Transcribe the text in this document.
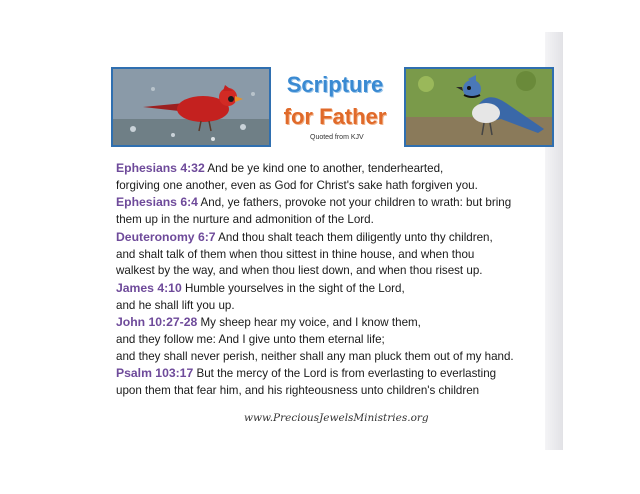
Scripture
for Father
Quoted from KJV
Ephesians 4:32 And be ye kind one to another, tenderhearted,
forgiving one another, even as God for Christ's sake hath forgiven you.
Ephesians 6:4 And, ye fathers, provoke not your children to wrath: but bring
them up in the nurture and admonition of the Lord.
Deuteronomy 6:7 And thou shalt teach them diligently unto thy children,
and shalt talk of them when thou sittest in thine house, and when thou
walkest by the way, and when thou liest down, and when thou risest up.
James 4:10 Humble yourselves in the sight of the Lord,
and he shall lift you up.
John 10:27-28 My sheep hear my voice, and I know them,
and they follow me: And I give unto them eternal life;
and they shall never perish, neither shall any man pluck them out of my hand.
Psalm 103:17 But the mercy of the Lord is from everlasting to everlasting
upon them that fear him, and his righteousness unto children's children
www.PreciousJewelsMinistries.org
